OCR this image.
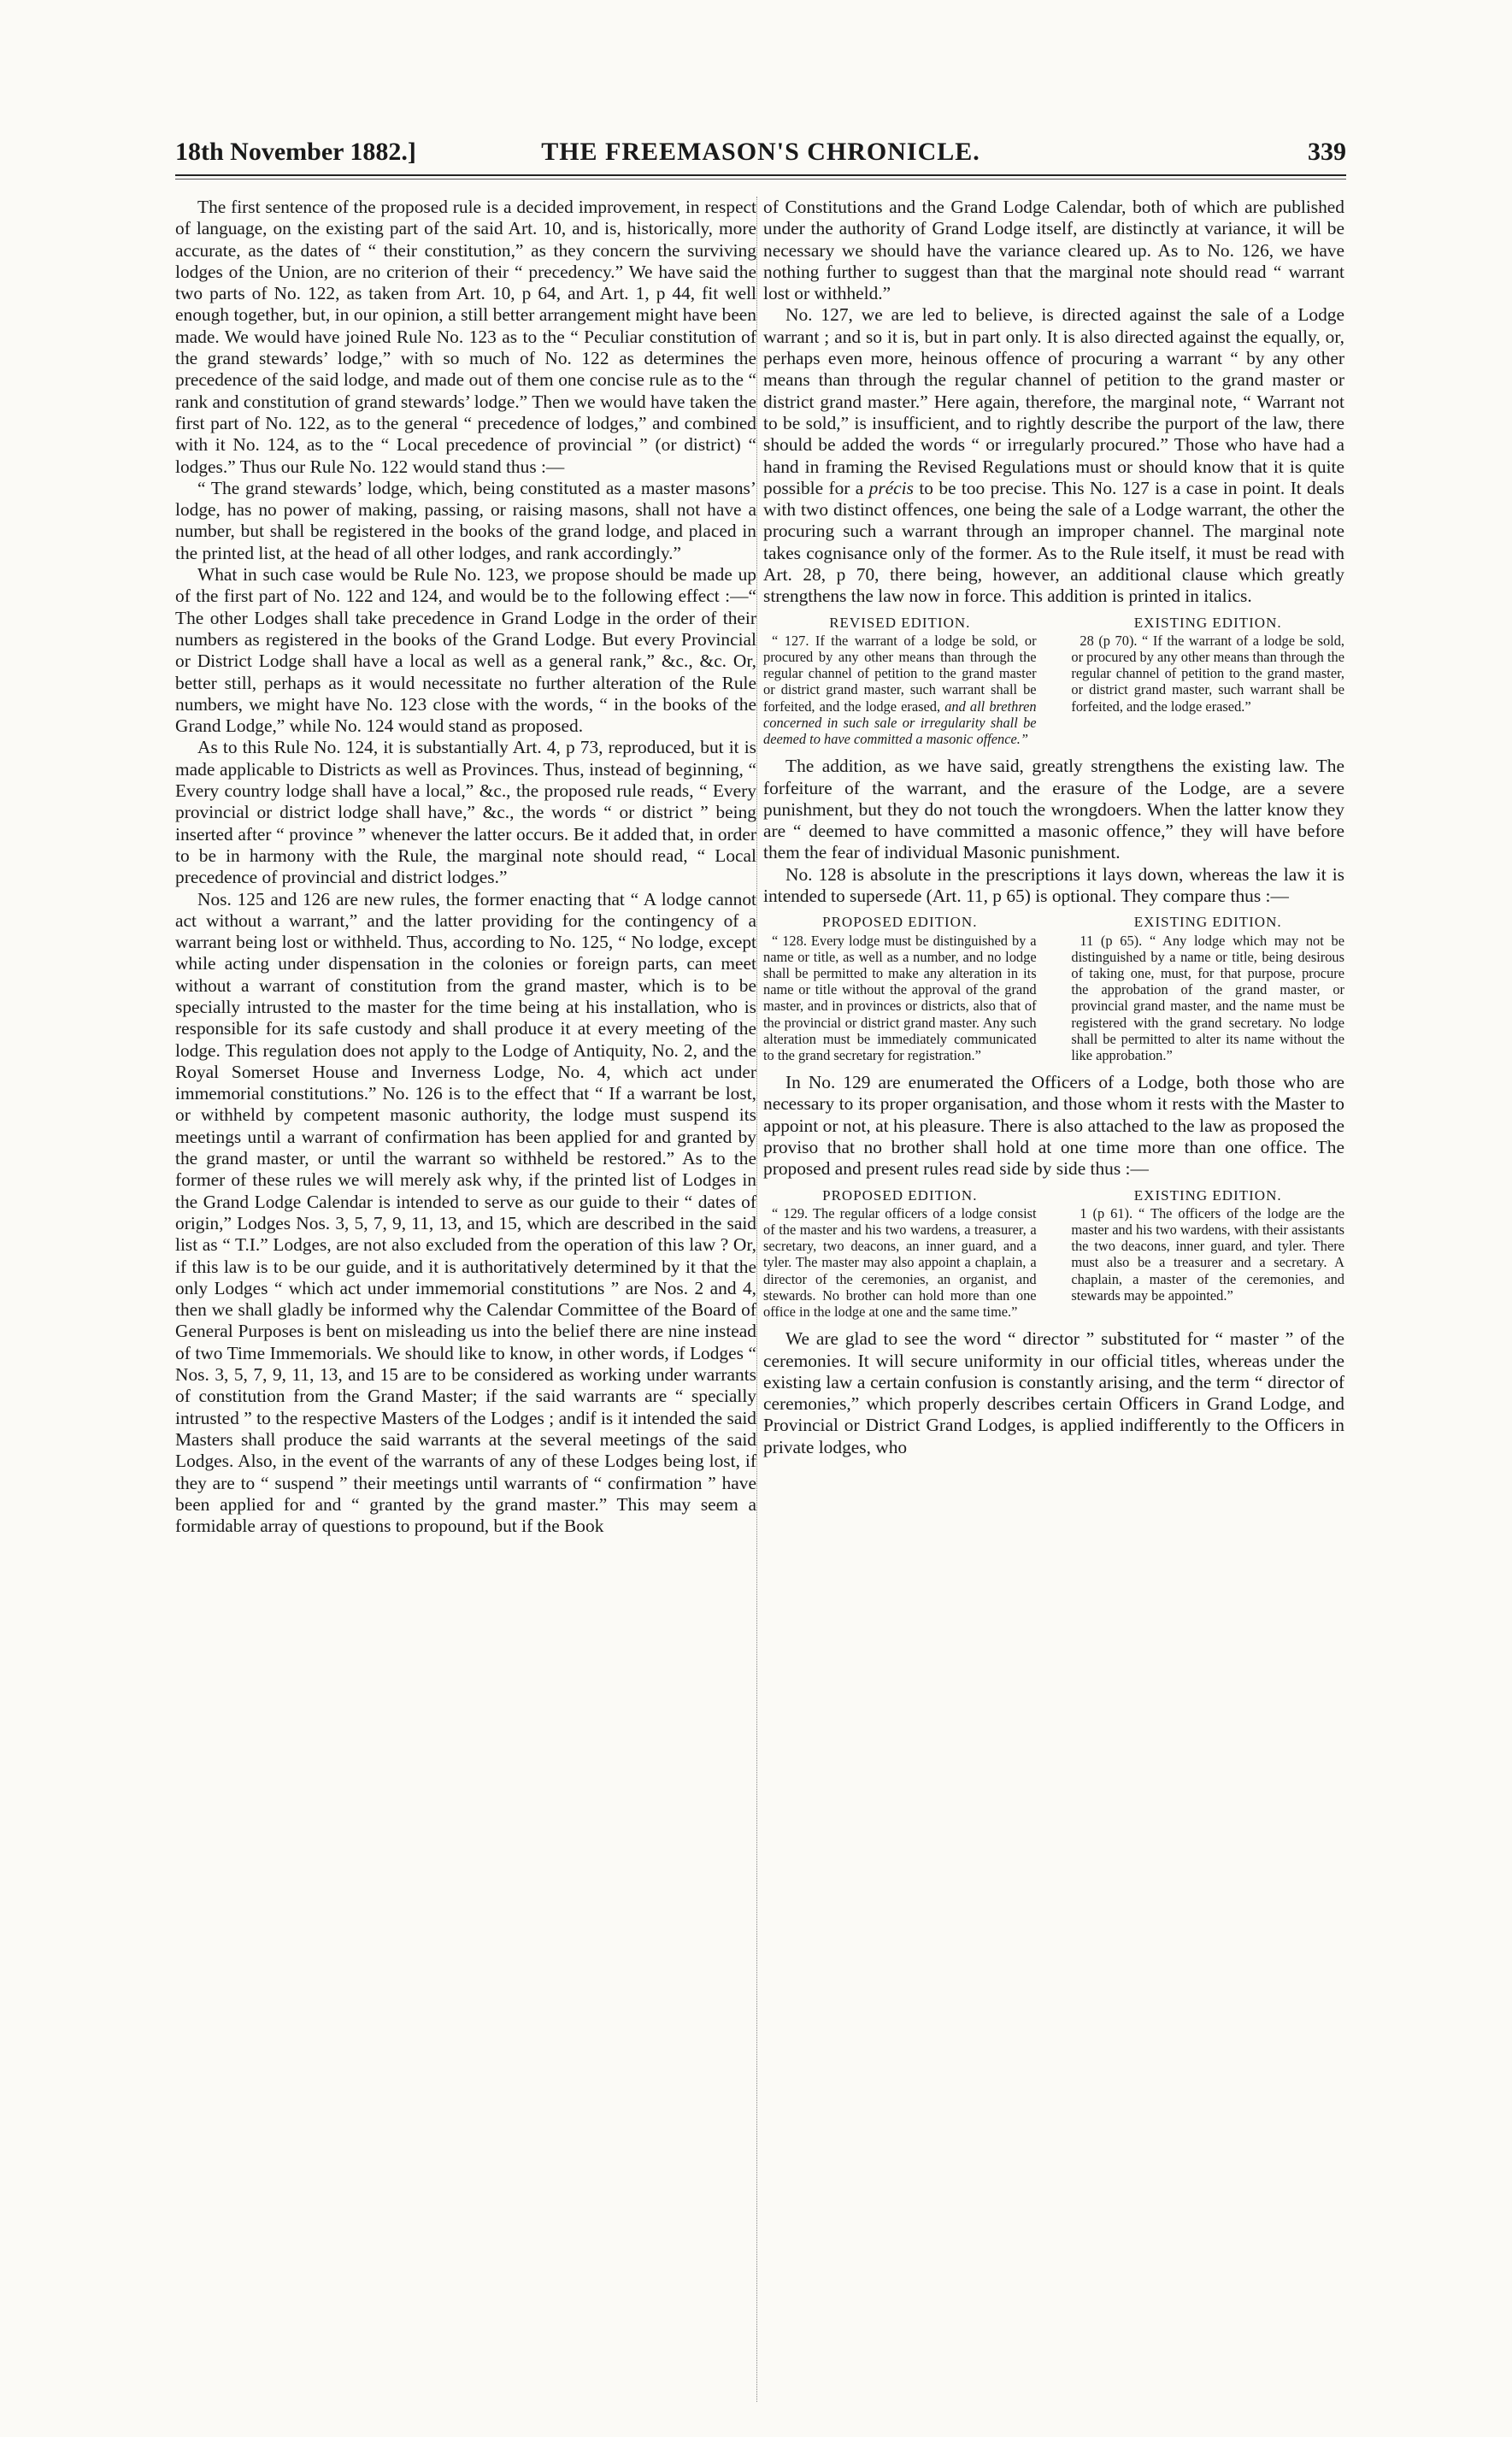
18th November 1882.]	THE FREEMASON'S CHRONICLE.	339

The first sentence of the proposed rule is a decided improvement, in respect of language, on the existing part of the said Art. 10, and is, historically, more accurate, as the dates of “ their constitution,” as they concern the surviving lodges of the Union, are no criterion of their “ precedency.” We have said the two parts of No. 122, as taken from Art. 10, p 64, and Art. 1, p 44, fit well enough together, but, in our opinion, a still better arrangement might have been made. We would have joined Rule No. 123 as to the “ Peculiar constitution of the grand stewards’ lodge,” with so much of No. 122 as determines the precedence of the said lodge, and made out of them one concise rule as to the “ rank and constitution of grand stewards’ lodge.” Then we would have taken the first part of No. 122, as to the general “ precedence of lodges,” and combined with it No. 124, as to the “ Local precedence of provincial ” (or district) “ lodges.” Thus our Rule No. 122 would stand thus :—

“ The grand stewards’ lodge, which, being constituted as a master masons’ lodge, has no power of making, passing, or raising masons, shall not have a number, but shall be registered in the books of the grand lodge, and placed in the printed list, at the head of all other lodges, and rank accordingly.”

What in such case would be Rule No. 123, we propose should be made up of the first part of No. 122 and 124, and would be to the following effect :—“ The other Lodges shall take precedence in Grand Lodge in the order of their numbers as registered in the books of the Grand Lodge. But every Provincial or District Lodge shall have a local as well as a general rank,” &c., &c. Or, better still, perhaps as it would necessitate no further alteration of the Rule numbers, we might have No. 123 close with the words, “ in the books of the Grand Lodge,” while No. 124 would stand as proposed.

As to this Rule No. 124, it is substantially Art. 4, p 73, reproduced, but it is made applicable to Districts as well as Provinces. Thus, instead of beginning, “ Every country lodge shall have a local,” &c., the proposed rule reads, “ Every provincial or district lodge shall have,” &c., the words “ or district ” being inserted after “ province ” whenever the latter occurs. Be it added that, in order to be in harmony with the Rule, the marginal note should read, “ Local precedence of provincial and district lodges.”

Nos. 125 and 126 are new rules, the former enacting that “ A lodge cannot act without a warrant,” and the latter providing for the contingency of a warrant being lost or withheld. Thus, according to No. 125, “ No lodge, except while acting under dispensation in the colonies or foreign parts, can meet without a warrant of constitution from the grand master, which is to be specially intrusted to the master for the time being at his installation, who is responsible for its safe custody and shall produce it at every meeting of the lodge. This regulation does not apply to the Lodge of Antiquity, No. 2, and the Royal Somerset House and Inverness Lodge, No. 4, which act under immemorial constitutions.” No. 126 is to the effect that “ If a warrant be lost, or withheld by competent masonic authority, the lodge must suspend its meetings until a warrant of confirmation has been applied for and granted by the grand master, or until the warrant so withheld be restored.” As to the former of these rules we will merely ask why, if the printed list of Lodges in the Grand Lodge Calendar is intended to serve as our guide to their “ dates of origin,” Lodges Nos. 3, 5, 7, 9, 11, 13, and 15, which are described in the said list as “ T.I.” Lodges, are not also excluded from the operation of this law ? Or, if this law is to be our guide, and it is authoritatively determined by it that the only Lodges “ which act under immemorial constitutions ” are Nos. 2 and 4, then we shall gladly be informed why the Calendar Committee of the Board of General Purposes is bent on misleading us into the belief there are nine instead of two Time Immemorials. We should like to know, in other words, if Lodges “ Nos. 3, 5, 7, 9, 11, 13, and 15 are to be considered as working under warrants of constitution from the Grand Master; if the said warrants are “ specially intrusted ” to the respective Masters of the Lodges ; andif is it intended the said Masters shall produce the said warrants at the several meetings of the said Lodges. Also, in the event of the warrants of any of these Lodges being lost, if they are to “ suspend ” their meetings until warrants of “ confirmation ” have been applied for and “ granted by the grand master.” This may seem a formidable array of questions to propound, but if the Book

of Constitutions and the Grand Lodge Calendar, both of which are published under the authority of Grand Lodge itself, are distinctly at variance, it will be necessary we should have the variance cleared up. As to No. 126, we have nothing further to suggest than that the marginal note should read “ warrant lost or withheld.”

No. 127, we are led to believe, is directed against the sale of a Lodge warrant ; and so it is, but in part only. It is also directed against the equally, or, perhaps even more, heinous offence of procuring a warrant “ by any other means than through the regular channel of petition to the grand master or district grand master.” Here again, therefore, the marginal note, “ Warrant not to be sold,” is insufficient, and to rightly describe the purport of the law, there should be added the words “ or irregularly procured.” Those who have had a hand in framing the Revised Regulations must or should know that it is quite possible for a précis to be too precise. This No. 127 is a case in point. It deals with two distinct offences, one being the sale of a Lodge warrant, the other the procuring such a warrant through an improper channel. The marginal note takes cognisance only of the former. As to the Rule itself, it must be read with Art. 28, p 70, there being, however, an additional clause which greatly strengthens the law now in force. This addition is printed in italics.

REVISED EDITION.

“ 127. If the warrant of a lodge be sold, or procured by any other means than through the regular channel of petition to the grand master or district grand master, such warrant shall be forfeited, and the lodge erased, and all brethren concerned in such sale or irregularity shall be deemed to have committed a masonic offence.”

EXISTING EDITION.

28 (p 70). “ If the warrant of a lodge be sold, or procured by any other means than through the regular channel of petition to the grand master, or district grand master, such warrant shall be forfeited, and the lodge erased.”

The addition, as we have said, greatly strengthens the existing law. The forfeiture of the warrant, and the erasure of the Lodge, are a severe punishment, but they do not touch the wrongdoers. When the latter know they are “ deemed to have committed a masonic offence,” they will have before them the fear of individual Masonic punishment.

No. 128 is absolute in the prescriptions it lays down, whereas the law it is intended to supersede (Art. 11, p 65) is optional. They compare thus :—

PROPOSED EDITION.

“ 128. Every lodge must be distinguished by a name or title, as well as a number, and no lodge shall be permitted to make any alteration in its name or title without the approval of the grand master, and in provinces or districts, also that of the provincial or district grand master. Any such alteration must be immediately communicated to the grand secretary for registration.”

EXISTING EDITION.

11 (p 65). “ Any lodge which may not be distinguished by a name or title, being desirous of taking one, must, for that purpose, procure the approbation of the grand master, or provincial grand master, and the name must be registered with the grand secretary. No lodge shall be permitted to alter its name without the like approbation.”

In No. 129 are enumerated the Officers of a Lodge, both those who are necessary to its proper organisation, and those whom it rests with the Master to appoint or not, at his pleasure. There is also attached to the law as proposed the proviso that no brother shall hold at one time more than one office. The proposed and present rules read side by side thus :—

PROPOSED EDITION.

“ 129. The regular officers of a lodge consist of the master and his two wardens, a treasurer, a secretary, two deacons, an inner guard, and a tyler. The master may also appoint a chaplain, a director of the ceremonies, an organist, and stewards. No brother can hold more than one office in the lodge at one and the same time.”

EXISTING EDITION.

1 (p 61). “ The officers of the lodge are the master and his two wardens, with their assistants the two deacons, inner guard, and tyler. There must also be a treasurer and a secretary. A chaplain, a master of the ceremonies, and stewards may be appointed.”

We are glad to see the word “ director ” substituted for “ master ” of the ceremonies. It will secure uniformity in our official titles, whereas under the existing law a certain confusion is constantly arising, and the term “ director of ceremonies,” which properly describes certain Officers in Grand Lodge, and Provincial or District Grand Lodges, is applied indifferently to the Officers in private lodges, who
